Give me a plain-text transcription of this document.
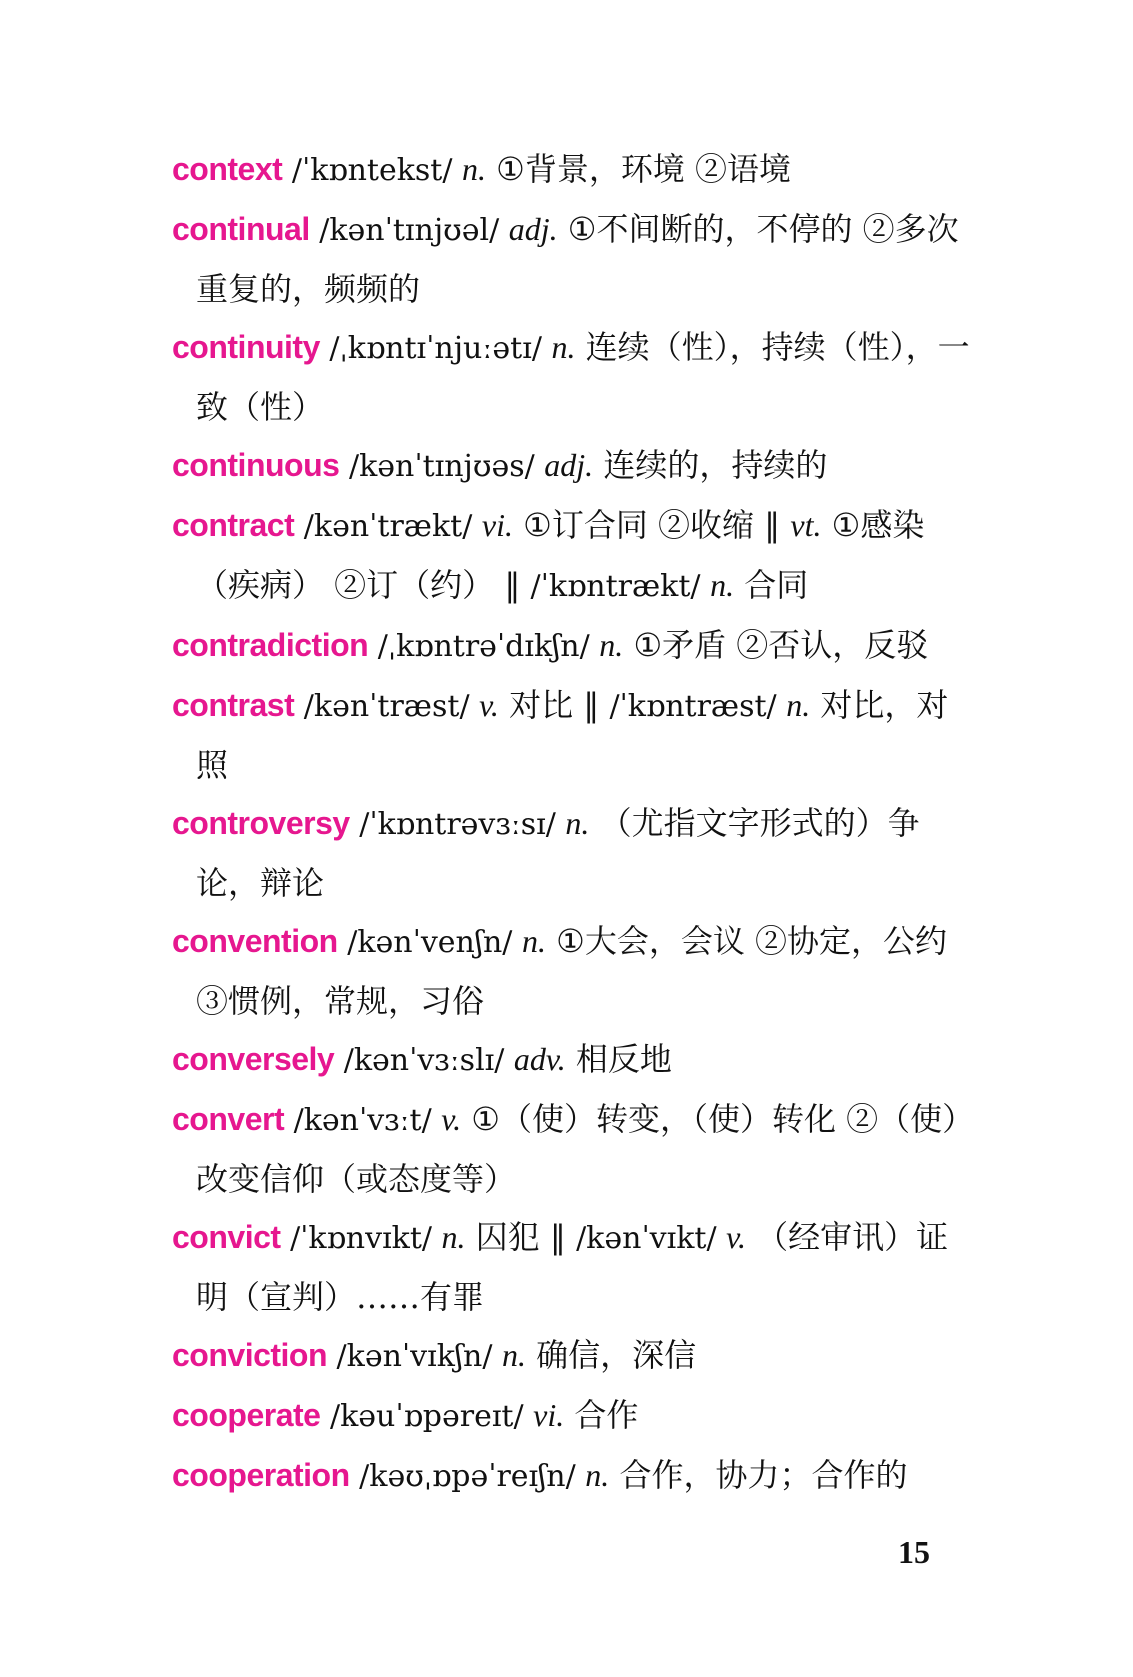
context /ˈkɒntekst/ n. ①背景，环境 ②语境
continual /kənˈtɪnjʊəl/ adj. ①不间断的，不停的 ②多次重复的，频频的
continuity /ˌkɒntɪˈnjuːətɪ/ n. 连续（性），持续（性），一致（性）
continuous /kənˈtɪnjʊəs/ adj. 连续的，持续的
contract /kənˈtrækt/ vi. ①订合同 ②收缩 ‖ vt. ①感染（疾病） ②订（约） ‖ /ˈkɒntrækt/ n. 合同
contradiction /ˌkɒntrəˈdɪkʃn/ n. ①矛盾 ②否认，反驳
contrast /kənˈtræst/ v. 对比 ‖ /ˈkɒntræst/ n. 对比，对照
controversy /ˈkɒntrəvɜːsɪ/ n. （尤指文字形式的）争论，辩论
convention /kənˈvenʃn/ n. ①大会，会议 ②协定，公约 ③惯例，常规，习俗
conversely /kənˈvɜːslɪ/ adv. 相反地
convert /kənˈvɜːt/ v. ①（使）转变，（使）转化 ②（使）改变信仰（或态度等）
convict /ˈkɒnvɪkt/ n. 囚犯 ‖ /kənˈvɪkt/ v. （经审讯）证明（宣判）……有罪
conviction /kənˈvɪkʃn/ n. 确信，深信
cooperate /kəuˈɒpəreɪt/ vi. 合作
cooperation /kəʊˌɒpəˈreɪʃn/ n. 合作，协力；合作的
15
